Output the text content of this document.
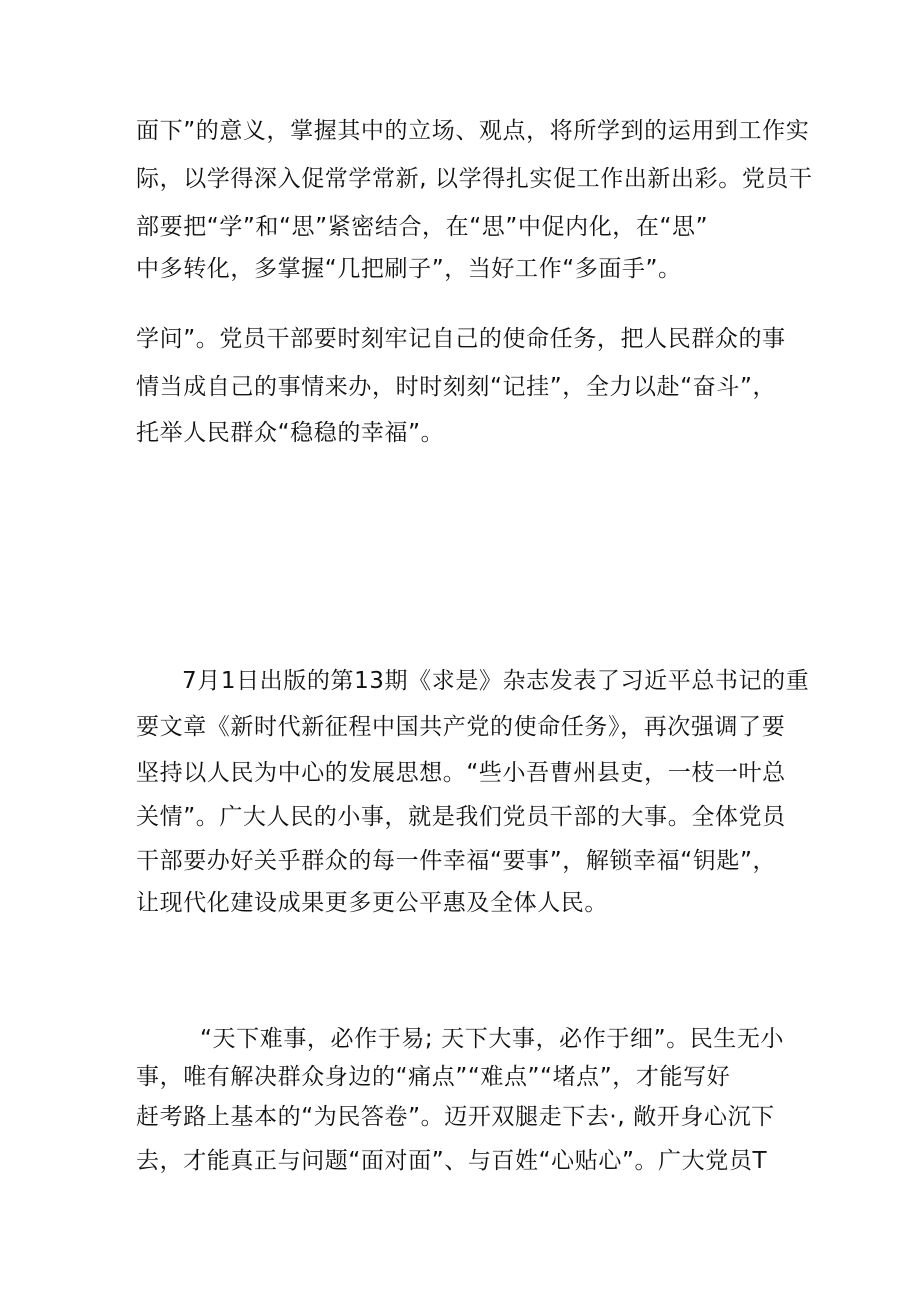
面下”的意义，掌握其中的立场、观点，将所学到的运用到工作实
际，以学得深入促常学常新, 以学得扎实促工作出新出彩。党员干
部要把“学”和“思”紧密结合，在“思”中促内化，在“思”
中多转化，多掌握“几把刷子”，当好工作“多面手”。
学问”。党员干部要时刻牢记自己的使命任务，把人民群众的事
情当成自己的事情来办，时时刻刻“记挂”，全力以赴“奋斗”，
托举人民群众“稳稳的幸福”。
7月1日出版的第13期《求是》杂志发表了习近平总书记的重
要文章《新时代新征程中国共产党的使命任务》，再次强调了要
坚持以人民为中心的发展思想。“些小吾曹州县吏，一枝一叶总
关情”。广大人民的小事，就是我们党员干部的大事。全体党员
干部要办好关乎群众的每一件幸福“要事”，解锁幸福“钥匙”，
让现代化建设成果更多更公平惠及全体人民。
“天下难事，必作于易; 天下大事，必作于细”。民生无小
事，唯有解决群众身边的“痛点”“难点”“堵点”，才能写好
赶考路上基本的“为民答卷”。迈开双腿走下去·, 敞开身心沉下
去，才能真正与问题“面对面”、与百姓“心贴心”。广大党员T
